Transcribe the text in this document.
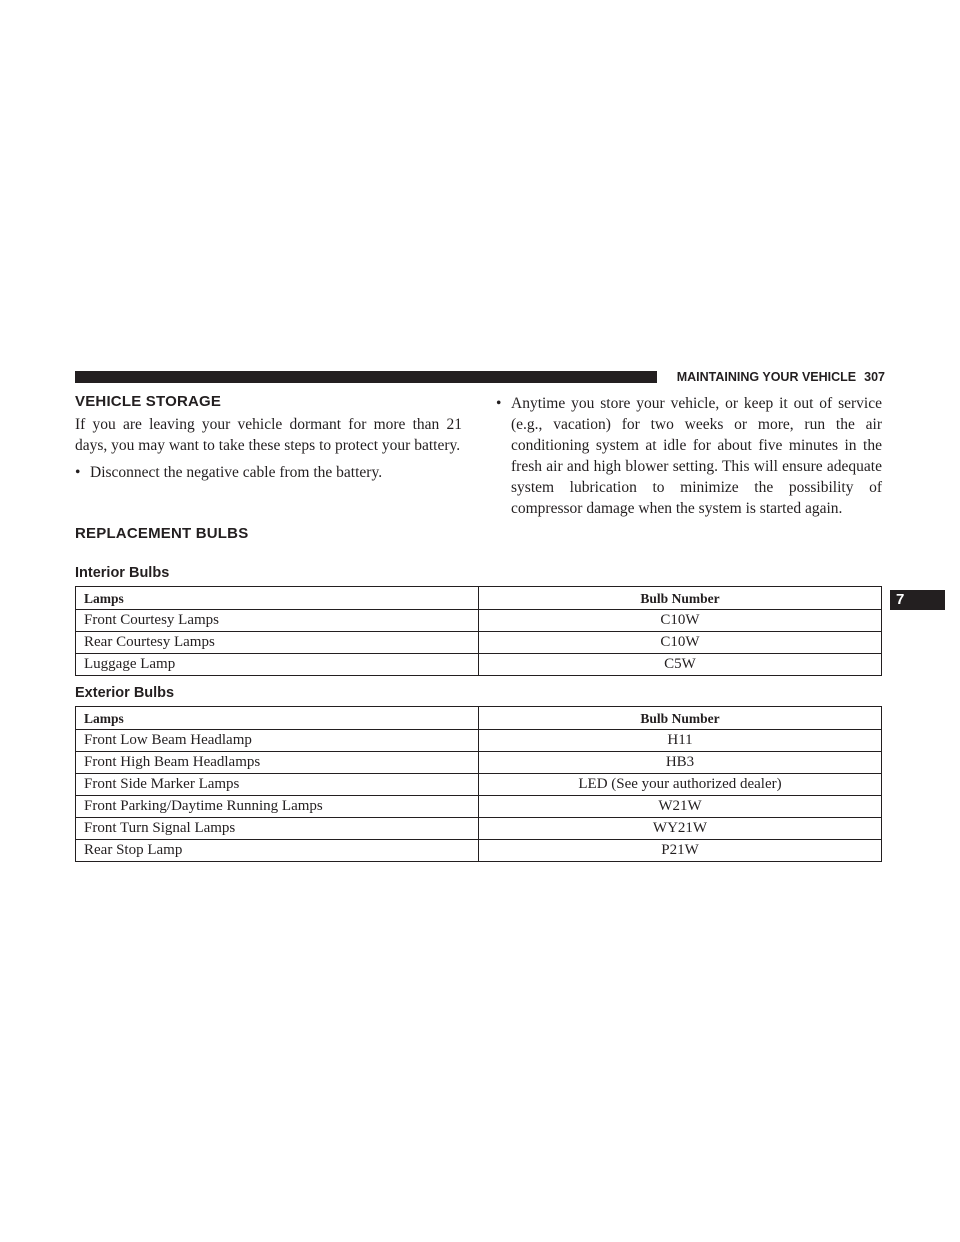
MAINTAINING YOUR VEHICLE 307
VEHICLE STORAGE

If you are leaving your vehicle dormant for more than 21 days, you may want to take these steps to protect your battery.

• Disconnect the negative cable from the battery.

• Anytime you store your vehicle, or keep it out of service (e.g., vacation) for two weeks or more, run the air conditioning system at idle for about five minutes in the fresh air and high blower setting. This will ensure adequate system lubrication to minimize the possibility of compressor damage when the system is started again.

REPLACEMENT BULBS
Interior Bulbs
Lamps	Bulb Number
Front Courtesy Lamps	C10W
Rear Courtesy Lamps	C10W
Luggage Lamp	C5W
Exterior Bulbs
Lamps	Bulb Number
Front Low Beam Headlamp	H11
Front High Beam Headlamps	HB3
Front Side Marker Lamps	LED (See your authorized dealer)
Front Parking/Daytime Running Lamps	W21W
Front Turn Signal Lamps	WY21W
Rear Stop Lamp	P21W
7
